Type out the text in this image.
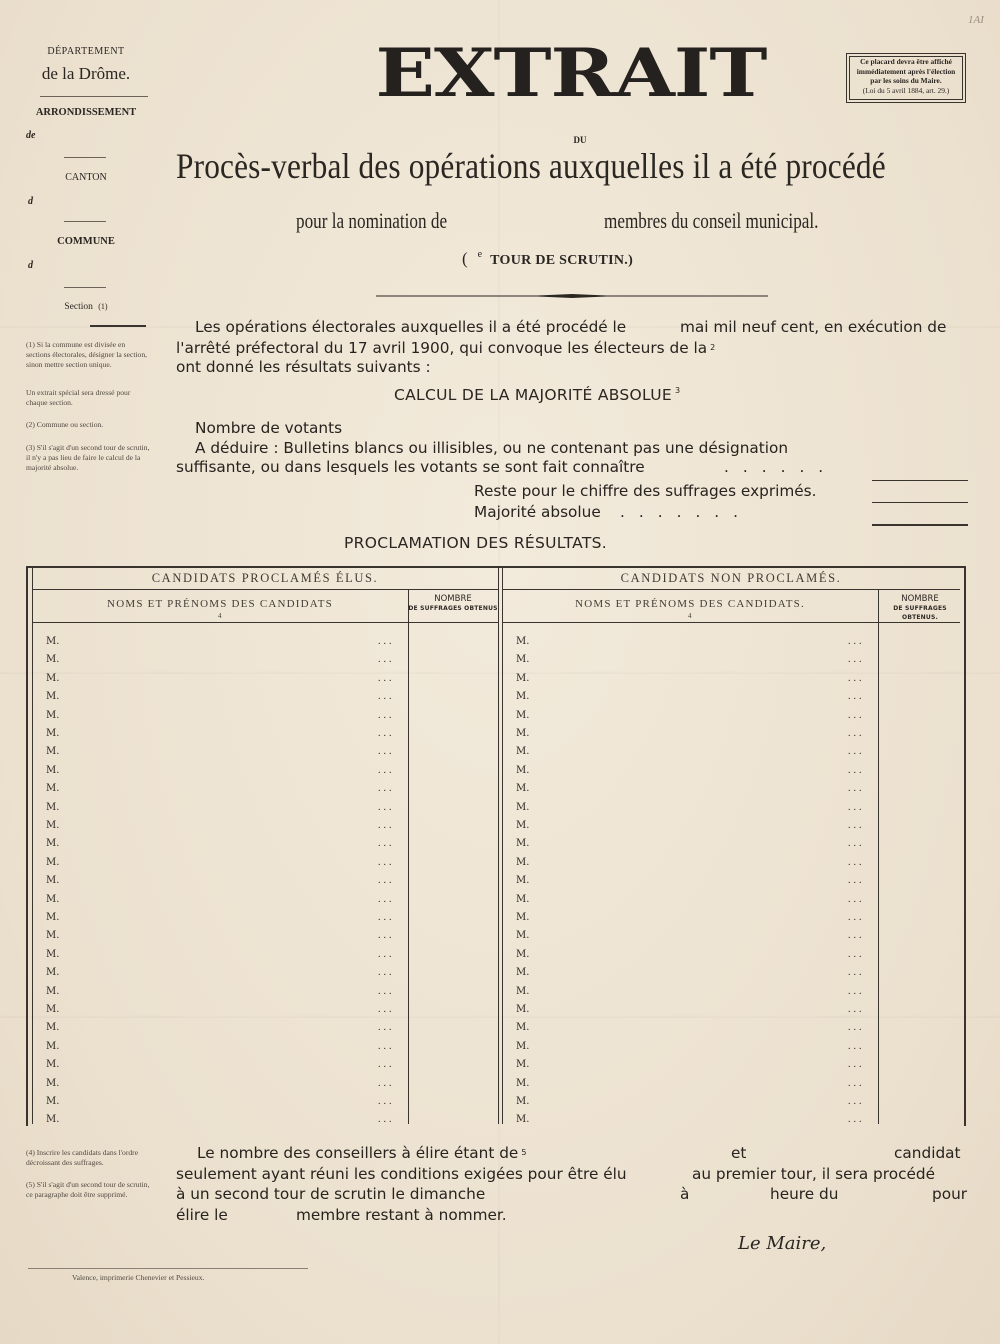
1AI
DÉPARTEMENT
de la Drôme.
ARRONDISSEMENT
de
CANTON
d
COMMUNE
d
Section $^{(1)}$
(1) Si la commune est divisée en sections électorales, désigner la section, sinon mettre section unique.
Un extrait spécial sera dressé pour chaque section.
(2) Commune ou section.
(3) S'il s'agit d'un second tour de scrutin, il n'y a pas lieu de faire le calcul de la majorité absolue.
EXTRAIT	Ce placard devra être affiché
immédiatement après l'élection
par les soins du Maire.
(Loi du 5 avril 1884, art. 29.)
DU
Procès-verbal des opérations auxquelles il a été procédé
pour la nomination de	membres du conseil municipal.
( $^e$ TOUR DE SCRUTIN.)
Les opérations électorales auxquelles il a été procédé le	mai mil neuf cent, en exécution de
l'arrêté préfectoral du 17 avril 1900, qui convoque les électeurs de la $^2$
ont donné les résultats suivants :
CALCUL DE LA MAJORITÉ ABSOLUE $^3$
Nombre de votants
A déduire : Bulletins blancs ou illisibles, ou ne contenant pas une désignation
suffisante, ou dans lesquels les votants se sont fait connaître	......
Reste pour le chiffre des suffrages exprimés.
Majorité absolue .......
PROCLAMATION DES RÉSULTATS.
CANDIDATS PROCLAMÉS ÉLUS.
NOMS ET PRÉNOMS DES CANDIDATS
4
NOMBRE
DE SUFFRAGES OBTENUS
M.	...
M.	...
M.	...
M.	...
M.	...
M.	...
M.	...
M.	...
M.	...
M.	...
M.	...
M.	...
M.	...
M.	...
M.	...
M.	...
M.	...
M.	...
M.	...
M.	...
M.	...
M.	...
M.	...
M.	...
M.	...
M.	...
M.	...
CANDIDATS NON PROCLAMÉS.
NOMS ET PRÉNOMS DES CANDIDATS.
4
NOMBRE
DE SUFFRAGES OBTENUS.
M.	...
M.	...
M.	...
M.	...
M.	...
M.	...
M.	...
M.	...
M.	...
M.	...
M.	...
M.	...
M.	...
M.	...
M.	...
M.	...
M.	...
M.	...
M.	...
M.	...
M.	...
M.	...
M.	...
M.	...
M.	...
M.	...
M.	...
(4) Inscrire les candidats dans l'ordre décroissant des suffrages.
(5) S'il s'agit d'un second tour de scrutin, ce paragraphe doit être supprimé.
Le nombre des conseillers à élire étant de $^5$	et	candidat
seulement ayant réuni les conditions exigées pour être élu	au premier tour, il sera procédé
à un second tour de scrutin le dimanche	à	heure du	pour
élire le	membre restant à nommer.
Le Maire,
Valence, imprimerie Chenevier et Pessieux.
